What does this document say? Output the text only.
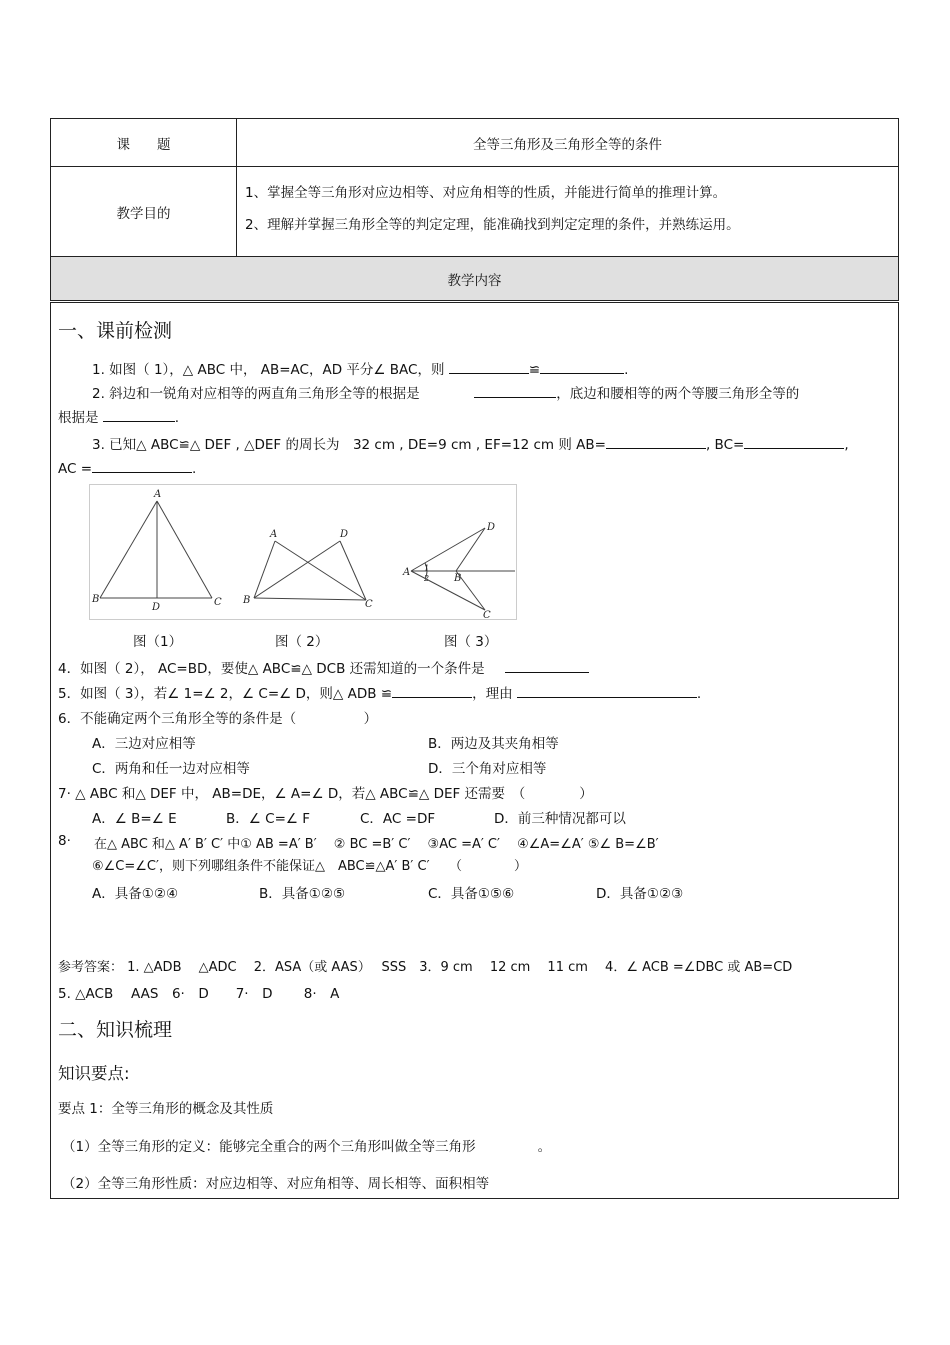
课　　题	全等三角形及三角形全等的条件
教学目的	1、掌握全等三角形对应边相等、对应角相等的性质，并能进行简单的推理计算。

2、理解并掌握三角形全等的判定定理，能准确找到判定定理的条件，并熟练运用。

教学内容	
一、课前检测
1. 如图（ 1），△ ABC 中， AB=AC，AD 平分∠ BAC，则	≌	.
2. 斜边和一锐角对应相等的两直角三角形全等的根据是	，底边和腰相等的两个等腰三角形全等的
根据是	.
3. 已知△ ABC≌△ DEF , △DEF 的周长为　32 cm , DE=9 cm , EF=12 cm 则 AB=	, BC=	,
AC =	.
A
B
D	C
A	D
B	C
A
D
1
2 B
C
图（1）	图（ 2）	图（ 3）
4．如图（ 2）， AC=BD，要使△ ABC≌△ DCB 还需知道的一个条件是
5．如图（ 3），若∠ 1=∠ 2，∠ C=∠ D，则△ ADB ≌	，理由	.
6．不能确定两个三角形全等的条件是（　　　　　）
A．三边对应相等	B．两边及其夹角相等
C．两角和任一边对应相等	D．三个角对应相等
7· △ ABC 和△ DEF 中， AB=DE，∠ A=∠ D，若△ ABC≌△ DEF 还需要　（　　　　）
A．∠ B=∠ E	B．∠ C=∠ F	C．AC =DF	D．前三种情况都可以
8· 在△ ABC 和△ A′ B′ C′ 中① AB =A′ B′　 ② BC =B′ C′　 ③AC =A′ C′　 ④∠A=∠A′ ⑤∠ B=∠B′
⑥∠C=∠C′，则下列哪组条件不能保证△　ABC≌△A′ B′ C′　　（　　　　）
A．具备①②④	B．具备①②⑤	C．具备①⑤⑥	D．具备①②③
参考答案： 1. △ADB　 △ADC　 2．ASA（或 AAS）　 SSS　3．9 cm　 12 cm　 11 cm　 4．∠ ACB =∠DBC 或 AB=CD
5. △ACB　 AAS　6·　D　　7·　D　　 8·　A
二、知识梳理
知识要点:
要点 1：全等三角形的概念及其性质
（1）全等三角形的定义：能够完全重合的两个三角形叫做全等三角形	。
（2）全等三角形性质：对应边相等、对应角相等、周长相等、面积相等
